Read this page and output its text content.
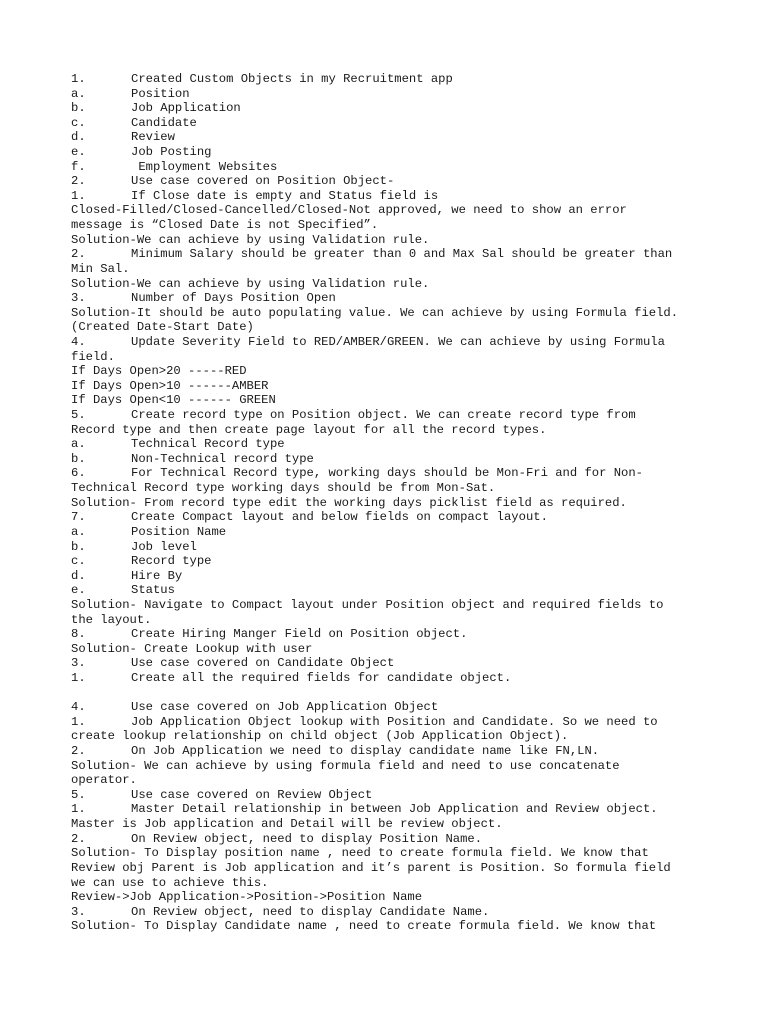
1.	Created Custom Objects in my Recruitment app
a.	Position
b.	Job Application
c.	Candidate
d.	Review
e.	Job Posting
f.	Employment Websites
2.	Use case covered on Position Object-
1.	If Close date is empty and Status field is
Closed-Filled/Closed-Cancelled/Closed-Not approved, we need to show an error
message is “Closed Date is not Specified”.
Solution-We can achieve by using Validation rule.
2.	Minimum Salary should be greater than 0 and Max Sal should be greater than
Min Sal.
Solution-We can achieve by using Validation rule.
3.	Number of Days Position Open
Solution-It should be auto populating value. We can achieve by using Formula field.
(Created Date-Start Date)
4.	Update Severity Field to RED/AMBER/GREEN. We can achieve by using Formula
field.
If Days Open>20 -----RED
If Days Open>10 ------AMBER
If Days Open<10 ------ GREEN
5.	Create record type on Position object. We can create record type from
Record type and then create page layout for all the record types.
a.	Technical Record type
b.	Non-Technical record type
6.	For Technical Record type, working days should be Mon-Fri and for Non-
Technical Record type working days should be from Mon-Sat.
Solution- From record type edit the working days picklist field as required.
7.	Create Compact layout and below fields on compact layout.
a.	Position Name
b.	Job level
c.	Record type
d.	Hire By
e.	Status
Solution- Navigate to Compact layout under Position object and required fields to
the layout.
8.	Create Hiring Manger Field on Position object.
Solution- Create Lookup with user
3.	Use case covered on Candidate Object
1.	Create all the required fields for candidate object.
4.	Use case covered on Job Application Object
1.	Job Application Object lookup with Position and Candidate. So we need to
create lookup relationship on child object (Job Application Object).
2.	On Job Application we need to display candidate name like FN,LN.
Solution- We can achieve by using formula field and need to use concatenate
operator.
5.	Use case covered on Review Object
1.	Master Detail relationship in between Job Application and Review object.
Master is Job application and Detail will be review object.
2.	On Review object, need to display Position Name.
Solution- To Display position name , need to create formula field. We know that
Review obj Parent is Job application and it’s parent is Position. So formula field
we can use to achieve this.
Review->Job Application->Position->Position Name
3.	On Review object, need to display Candidate Name.
Solution- To Display Candidate name , need to create formula field. We know that
